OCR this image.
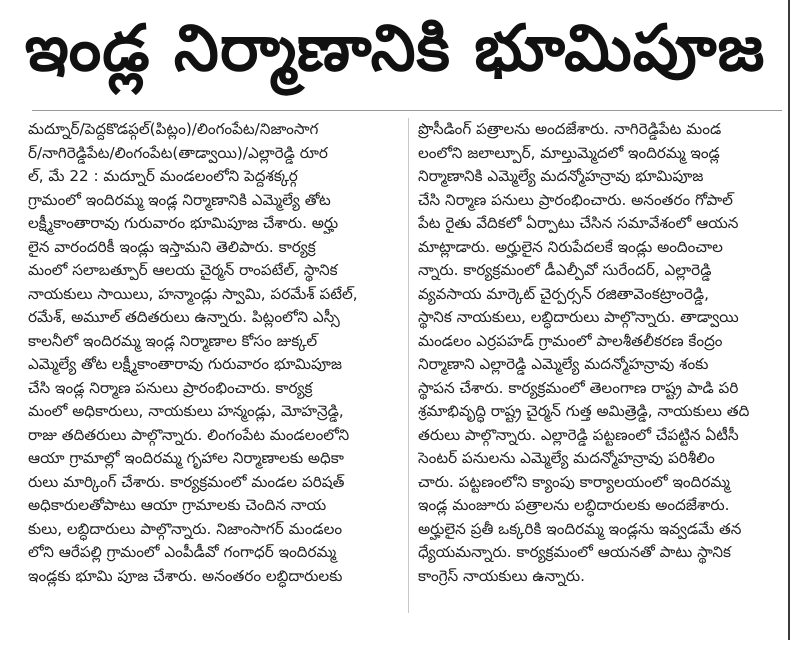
ఇండ్ల నిర్మాణానికి భూమిపూజ
మద్నూర్/పెద్దకొడప్గల్(పిట్లం)/లింగంపేట/నిజాంసాగ
ర్/నాగిరెడ్డిపేట/లింగంపేట(తాడ్వాయి)/ఎల్లారెడ్డి రూర
ల్, మే 22 : మద్నూర్ మండలంలోని పెద్దశక్కర్గ
గ్రామంలో ఇందిరమ్మ ఇండ్ల నిర్మాణానికి ఎమ్మెల్యే తోట
లక్ష్మీకాంతారావు గురువారం భూమిపూజ చేశారు. అర్హు
లైన వారందరికీ ఇండ్లు ఇస్తామని తెలిపారు. కార్యక్ర
మంలో సలాబత్పూర్ ఆలయ చైర్మన్ రాంపటేల్, స్థానిక
నాయకులు సాయిలు, హన్మాండ్లు స్వామి, పరమేశ్ పటేల్,
రమేశ్, అమూల్ తదితరులు ఉన్నారు. పిట్లంలోని ఎస్సీ
కాలనీలో ఇందిరమ్మ ఇండ్ల నిర్మాణాల కోసం జుక్కల్
ఎమ్మెల్యే తోట లక్ష్మీకాంతారావు గురువారం భూమిపూజ
చేసి ఇండ్ల నిర్మాణ పనులు ప్రారంభించారు. కార్యక్ర
మంలో అధికారులు, నాయకులు హన్మండ్లు, మోహన్రెడ్డి,
రాజు తదితరులు పాల్గొన్నారు. లింగంపేట మండలంలోని
ఆయా గ్రామాల్లో ఇందిరమ్మ గృహాల నిర్మాణాలకు అధికా
రులు మార్కింగ్ చేశారు. కార్యక్రమంలో మండల పరిషత్
అధికారులతోపాటు ఆయా గ్రామాలకు చెందిన నాయ
కులు, లబ్ధిదారులు పాల్గొన్నారు. నిజాంసాగర్ మండలం
లోని ఆరేపల్లి గ్రామంలో ఎంపీడీవో గంగాధర్ ఇందిరమ్మ
ఇండ్లకు భూమి పూజ చేశారు. అనంతరం లబ్ధిదారులకు
ప్రొసీడింగ్ పత్రాలను అందజేశారు. నాగిరెడ్డిపేట మండ
లంలోని జలాల్పూర్, మాల్తుమ్మెదలో ఇందిరమ్మ ఇండ్ల
నిర్మాణానికి ఎమ్మెల్యే మదన్మోహన్రావు భూమిపూజ
చేసి నిర్మాణ పనులు ప్రారంభించారు. అనంతరం గోపాల్
పేట రైతు వేదికలో ఏర్పాటు చేసిన సమావేశంలో ఆయన
మాట్లాడారు. అర్హులైన నిరుపేదలకే ఇండ్లు అందించాల
న్నారు. కార్యక్రమంలో డీఎల్పీవో సురేందర్, ఎల్లారెడ్డి
వ్యవసాయ మార్కెట్ చైర్పర్సన్ రజితావెంకట్రాంరెడ్డి,
స్థానిక నాయకులు, లబ్ధిదారులు పాల్గొన్నారు. తాడ్వాయి
మండలం ఎర్రపహడ్ గ్రామంలో పాలశీతలీకరణ కేంద్రం
నిర్మాణాని ఎల్లారెడ్డి ఎమ్మెల్యే మదన్మోహన్రావు శంకు
స్థాపన చేశారు. కార్యక్రమంలో తెలంగాణ రాష్ట్ర పాడి పరి
శ్రమాభివృద్ధి రాష్ట్ర చైర్మన్ గుత్త అమిత్రెడ్డి, నాయకులు తది
తరులు పాల్గొన్నారు. ఎల్లారెడ్డి పట్టణంలో చేపట్టిన ఏటీసీ
సెంటర్ పనులను ఎమ్మెల్యే మదన్మోహన్రావు పరిశీలిం
చారు. పట్టణంలోని క్యాంపు కార్యాలయంలో ఇందిరమ్మ
ఇండ్ల మంజూరు పత్రాలను లబ్ధిదారులకు అందజేశారు.
అర్హులైన ప్రతీ ఒక్కరికి ఇందిరమ్మ ఇండ్లను ఇవ్వడమే తన
ధ్యేయమన్నారు. కార్యక్రమంలో ఆయనతో పాటు స్థానిక
కాంగ్రెస్ నాయకులు ఉన్నారు.
